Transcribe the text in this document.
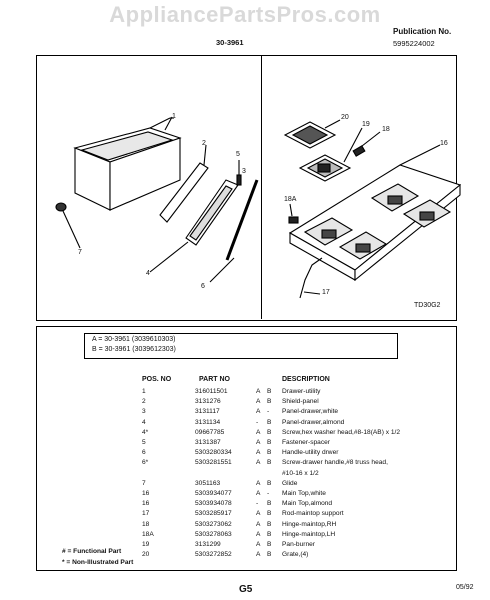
AppliancePartsPros.com
30-3961
Publication No.
5995224002
1
2
3
4
5
6
7
20
19
18
16
18A
17
TD30G2
A = 30-3961 (3039610303)
B = 30-3961 (3039612303)
POS. NO	PART NO	DESCRIPTION
1	316011501	A B Drawer-utility
2	3131276	A B Shield-panel
3	3131117	A - Panel-drawer,white
4	3131134	- B Panel-drawer,almond
4*	09667785	A B Screw,hex washer head,#8-18(AB) x 1/2
5	3131387	A B Fastener-spacer
6	5303280334	A B Handle-utility drwer
6*	5303281551	A B Screw-drawer handle,#8 truss head,
#10-16 x 1/2
7	3051163	A B Glide
16	5303934077	A - Main Top,white
16	5303934078	- B Main Top,almond
17	5303285917	A B Rod-maintop support
18	5303273062	A B Hinge-maintop,RH
18A	5303278063	A B Hinge-maintop,LH
19	3131299	A B Pan-burner
20	5303272852	A B Grate,(4)
# = Functional Part
* = Non-Illustrated Part
G5	05/92
